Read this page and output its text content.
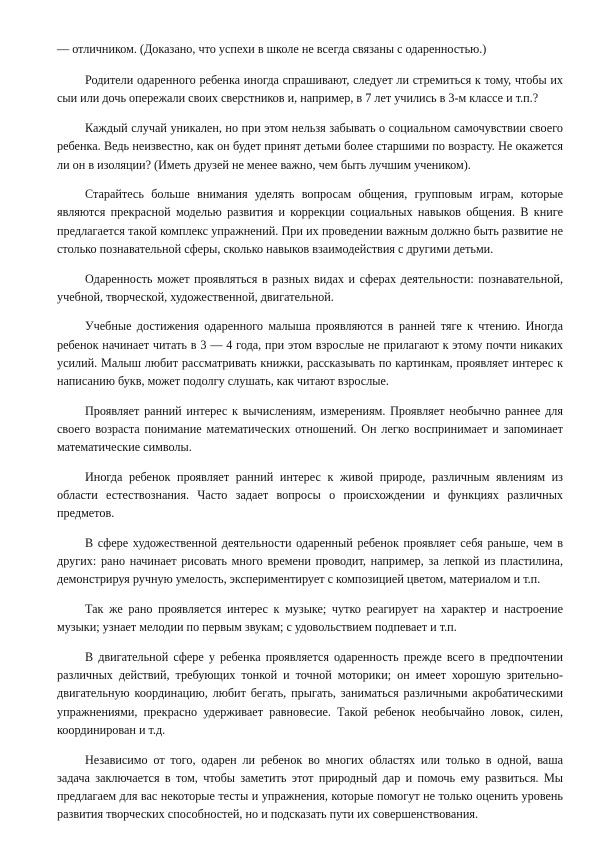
— отличником. (Доказано, что успехи в школе не всегда связаны с одаренностью.)

Родители одаренного ребенка иногда спрашивают, следует ли стремиться к тому, чтобы их сыи или дочь опережали своих сверстников и, например, в 7 лет учились в 3-м классе и т.п.?

Каждый случай уникален, но при этом нельзя забывать о социальном самочувствии своего ребенка. Ведь неизвестно, как он будет принят детьми более старшими по возрасту. Не окажется ли он в изоляции? (Иметь друзей не менее важно, чем быть лучшим учеником).

Старайтесь больше внимания уделять вопросам общения, групповым играм, которые являются прекрасной моделью развития и коррекции социальных навыков общения. В книге предлагается такой комплекс упражнений. При их проведении важным должно быть развитие не столько познавательной сферы, сколько навыков взаимодействия с другими детьми.

Одаренность может проявляться в разных видах и сферах деятельности: познавательной, учебной, творческой, художественной, двигательной.

Учебные достижения одаренного малыша проявляются в ранней тяге к чтению. Иногда ребенок начинает читать в 3 — 4 года, при этом взрослые не прилагают к этому почти никаких усилий. Малыш любит рассматривать книжки, рассказывать по картинкам, проявляет интерес к написанию букв, может подолгу слушать, как читают взрослые.

Проявляет ранний интерес к вычислениям, измерениям. Проявляет необычно раннее для своего возраста понимание математических отношений. Он легко воспринимает и запоминает математические символы.

Иногда ребенок проявляет ранний интерес к живой природе, различным явлениям из области естествознания. Часто задает вопросы о происхождении и функциях различных предметов.

В сфере художественной деятельности одаренный ребенок проявляет себя раньше, чем в других: рано начинает рисовать много времени проводит, например, за лепкой из пластилина, демонстрируя ручную умелость, экспериментирует с композицией цветом, материалом и т.п.

Так же рано проявляется интерес к музыке; чутко реагирует на характер и настроение музыки; узнает мелодии по первым звукам; с удовольствием подпевает и т.п.

В двигательной сфере у ребенка проявляется одаренность прежде всего в предпочтении различных действий, требующих тонкой и точной моторики; он имеет хорошую зрительно-двигательную координацию, любит бегать, прыгать, заниматься различными акробатическими упражнениями, прекрасно удерживает равновесие. Такой ребенок необычайно ловок, силен, координирован и т.д.

Независимо от того, одарен ли ребенок во многих областях или только в одной, ваша задача заключается в том, чтобы заметить этот природный дар и помочь ему развиться. Мы предлагаем для вас некоторые тесты и упражнения, которые помогут не только оценить уровень развития творческих способностей, но и подсказать пути их совершенствования.
